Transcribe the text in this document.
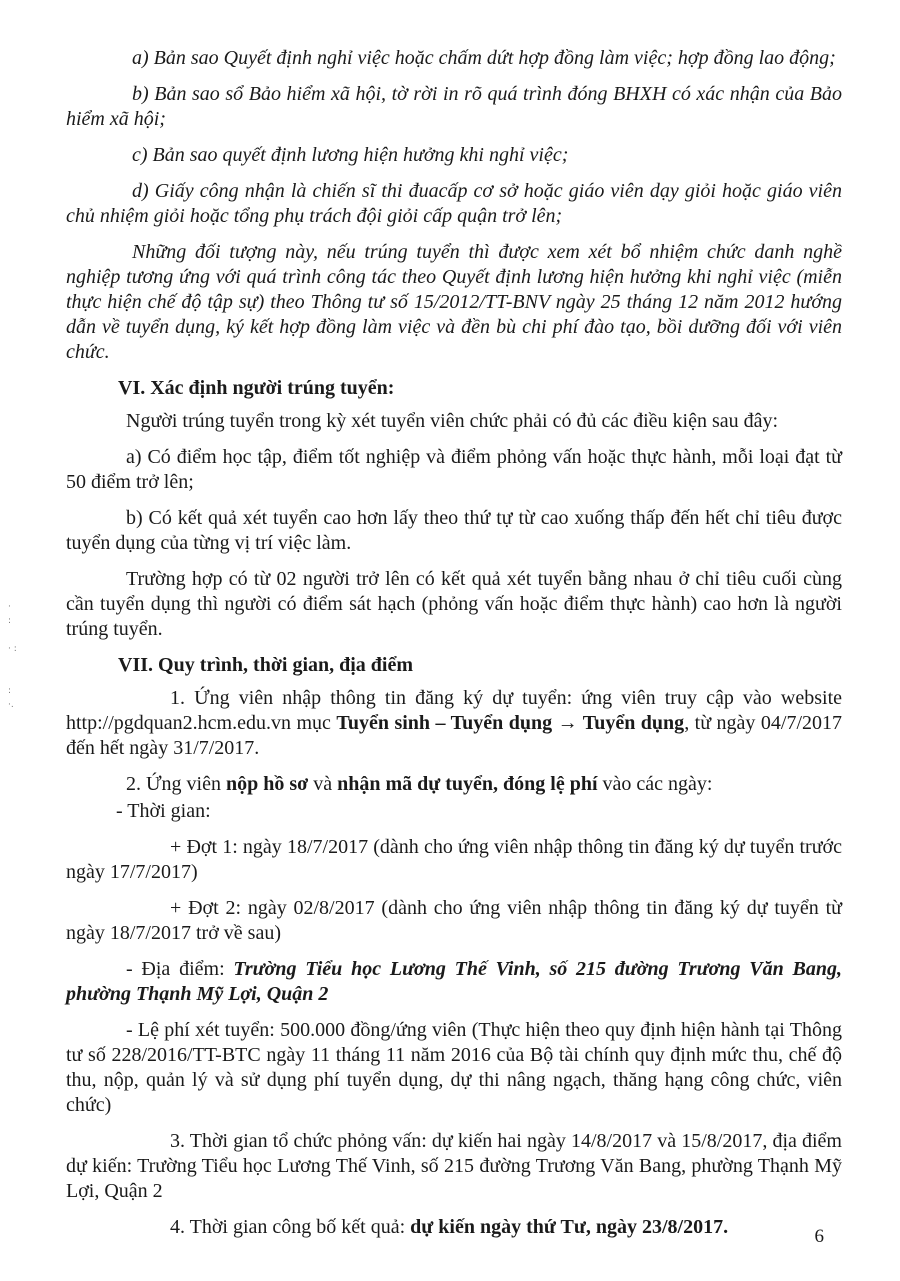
a) Bản sao Quyết định nghỉ việc hoặc chấm dứt hợp đồng làm việc; hợp đồng lao động;

b) Bản sao sổ Bảo hiểm xã hội, tờ rời in rõ quá trình đóng BHXH có xác nhận của Bảo hiểm xã hội;

c) Bản sao quyết định lương hiện hưởng khi nghỉ việc;

d) Giấy công nhận là chiến sĩ thi đuacấp cơ sở hoặc giáo viên dạy giỏi hoặc giáo viên chủ nhiệm giỏi hoặc tổng phụ trách đội giỏi cấp quận trở lên;

Những đối tượng này, nếu trúng tuyển thì được xem xét bổ nhiệm chức danh nghề nghiệp tương ứng với quá trình công tác theo Quyết định lương hiện hưởng khi nghỉ việc (miễn thực hiện chế độ tập sự) theo Thông tư số 15/2012/TT-BNV ngày 25 tháng 12 năm 2012 hướng dẫn về tuyển dụng, ký kết hợp đồng làm việc và đền bù chi phí đào tạo, bồi dưỡng đối với viên chức.

VI. Xác định người trúng tuyển:

Người trúng tuyển trong kỳ xét tuyển viên chức phải có đủ các điều kiện sau đây:

a) Có điểm học tập, điểm tốt nghiệp và điểm phỏng vấn hoặc thực hành, mỗi loại đạt từ 50 điểm trở lên;

b) Có kết quả xét tuyển cao hơn lấy theo thứ tự từ cao xuống thấp đến hết chỉ tiêu được tuyển dụng của từng vị trí việc làm.

Trường hợp có từ 02 người trở lên có kết quả xét tuyển bằng nhau ở chỉ tiêu cuối cùng cần tuyển dụng thì người có điểm sát hạch (phỏng vấn hoặc điểm thực hành) cao hơn là người trúng tuyển.

VII. Quy trình, thời gian, địa điểm

1. Ứng viên nhập thông tin đăng ký dự tuyển: ứng viên truy cập vào website http://pgdquan2.hcm.edu.vn mục Tuyển sinh – Tuyển dụng → Tuyển dụng, từ ngày 04/7/2017 đến hết ngày 31/7/2017.

2. Ứng viên nộp hồ sơ và nhận mã dự tuyển, đóng lệ phí vào các ngày:

- Thời gian:

+ Đợt 1: ngày 18/7/2017 (dành cho ứng viên nhập thông tin đăng ký dự tuyển trước ngày 17/7/2017)

+ Đợt 2: ngày 02/8/2017 (dành cho ứng viên nhập thông tin đăng ký dự tuyển từ ngày 18/7/2017 trở về sau)

- Địa điểm: Trường Tiểu học Lương Thế Vinh, số 215 đường Trương Văn Bang, phường Thạnh Mỹ Lợi, Quận 2

- Lệ phí xét tuyển: 500.000 đồng/ứng viên (Thực hiện theo quy định hiện hành tại Thông tư số 228/2016/TT-BTC ngày 11 tháng 11 năm 2016 của Bộ tài chính quy định mức thu, chế độ thu, nộp, quản lý và sử dụng phí tuyển dụng, dự thi nâng ngạch, thăng hạng công chức, viên chức)

3. Thời gian tổ chức phỏng vấn: dự kiến hai ngày 14/8/2017 và 15/8/2017, địa điểm dự kiến: Trường Tiểu học Lương Thế Vinh, số 215 đường Trương Văn Bang, phường Thạnh Mỹ Lợi, Quận 2

4. Thời gian công bố kết quả: dự kiến ngày thứ Tư, ngày 23/8/2017.

·
:

· :

:
·.
6
